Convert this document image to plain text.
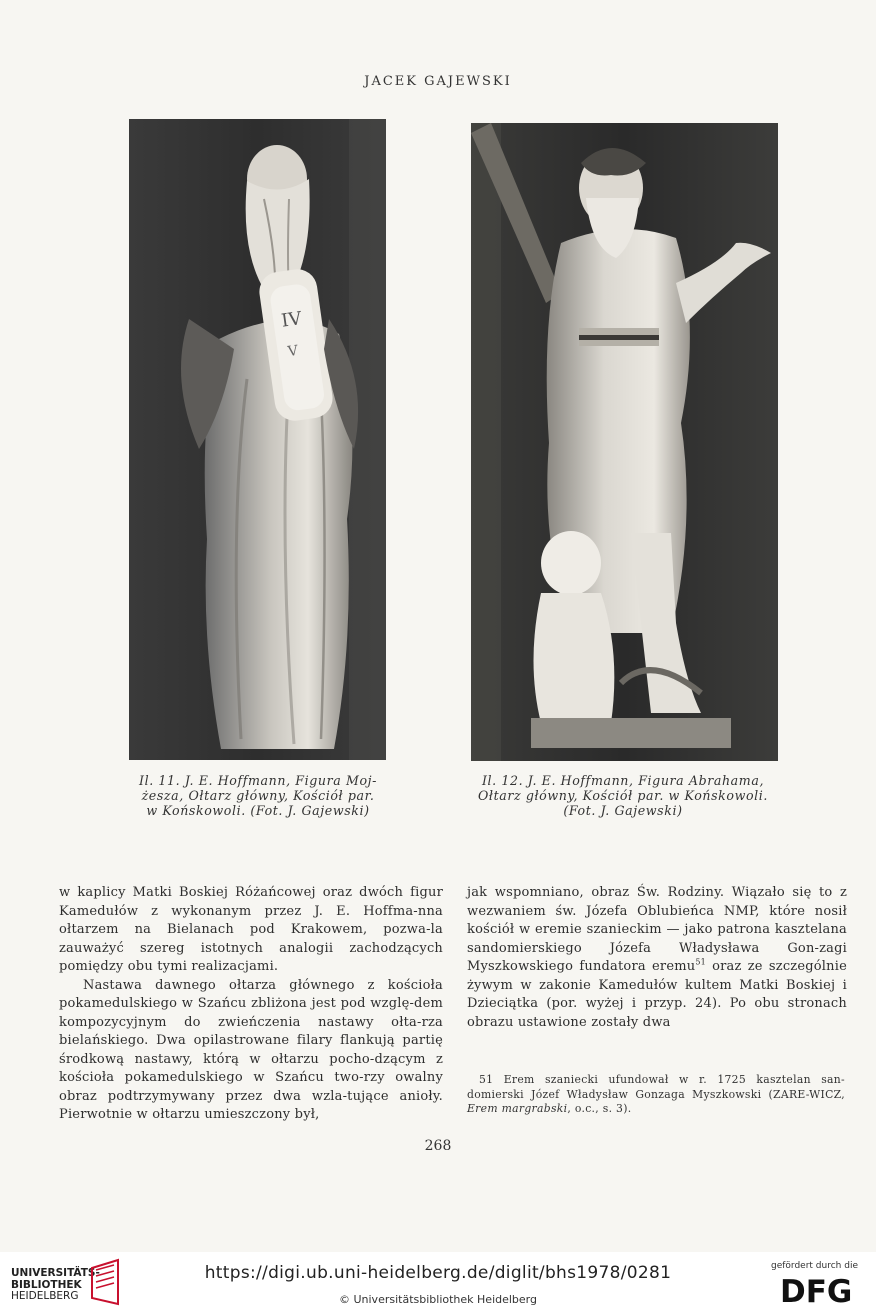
JACEK GAJEWSKI
IV
V
Il. 11. J. E. Hoffmann, Figura Moj-
żesza, Ołtarz główny, Kościół par.
w Końskowoli. (Fot. J. Gajewski)
Il. 12. J. E. Hoffmann, Figura Abrahama,
Ołtarz główny, Kościół par. w Końskowoli.
(Fot. J. Gajewski)

w kaplicy Matki Boskiej Różańcowej oraz dwóch figur Kamedułów z wykonanym przez J. E. Hoffma-nna ołtarzem na Bielanach pod Krakowem, pozwa-la zauważyć szereg istotnych analogii zachodzących pomiędzy obu tymi realizacjami.

Nastawa dawnego ołtarza głównego z kościoła pokamedulskiego w Szańcu zbliżona jest pod wzglę-dem kompozycyjnym do zwieńczenia nastawy ołta-rza bielańskiego. Dwa opilastrowane filary flankują partię środkową nastawy, którą w ołtarzu pocho-dzącym z kościoła pokamedulskiego w Szańcu two-rzy owalny obraz podtrzymywany przez dwa wzla-tujące anioły. Pierwotnie w ołtarzu umieszczony był,

jak wspomniano, obraz Św. Rodziny. Wiązało się to z wezwaniem św. Józefa Oblubieńca NMP, które nosił kościół w eremie szanieckim — jako patrona kasztelana sandomierskiego Józefa Władysława Gon-zagi Myszkowskiego fundatora eremu$^{51}$ oraz ze szczególnie żywym w zakonie Kamedułów kultem Matki Boskiej i Dzieciątka (por. wyżej i przyp. 24). Po obu stronach obrazu ustawione zostały dwa

51 Erem szaniecki ufundował w r. 1725 kasztelan san-domierski Józef Władysław Gonzaga Myszkowski (ZARE-WICZ, Erem margrabski, o.c., s. 3).

268
UNIVERSITÄTS-
BIBLIOTHEK
HEIDELBERG
https://digi.ub.uni-heidelberg.de/diglit/bhs1978/0281
© Universitätsbibliothek Heidelberg
gefördert durch die
DFG
